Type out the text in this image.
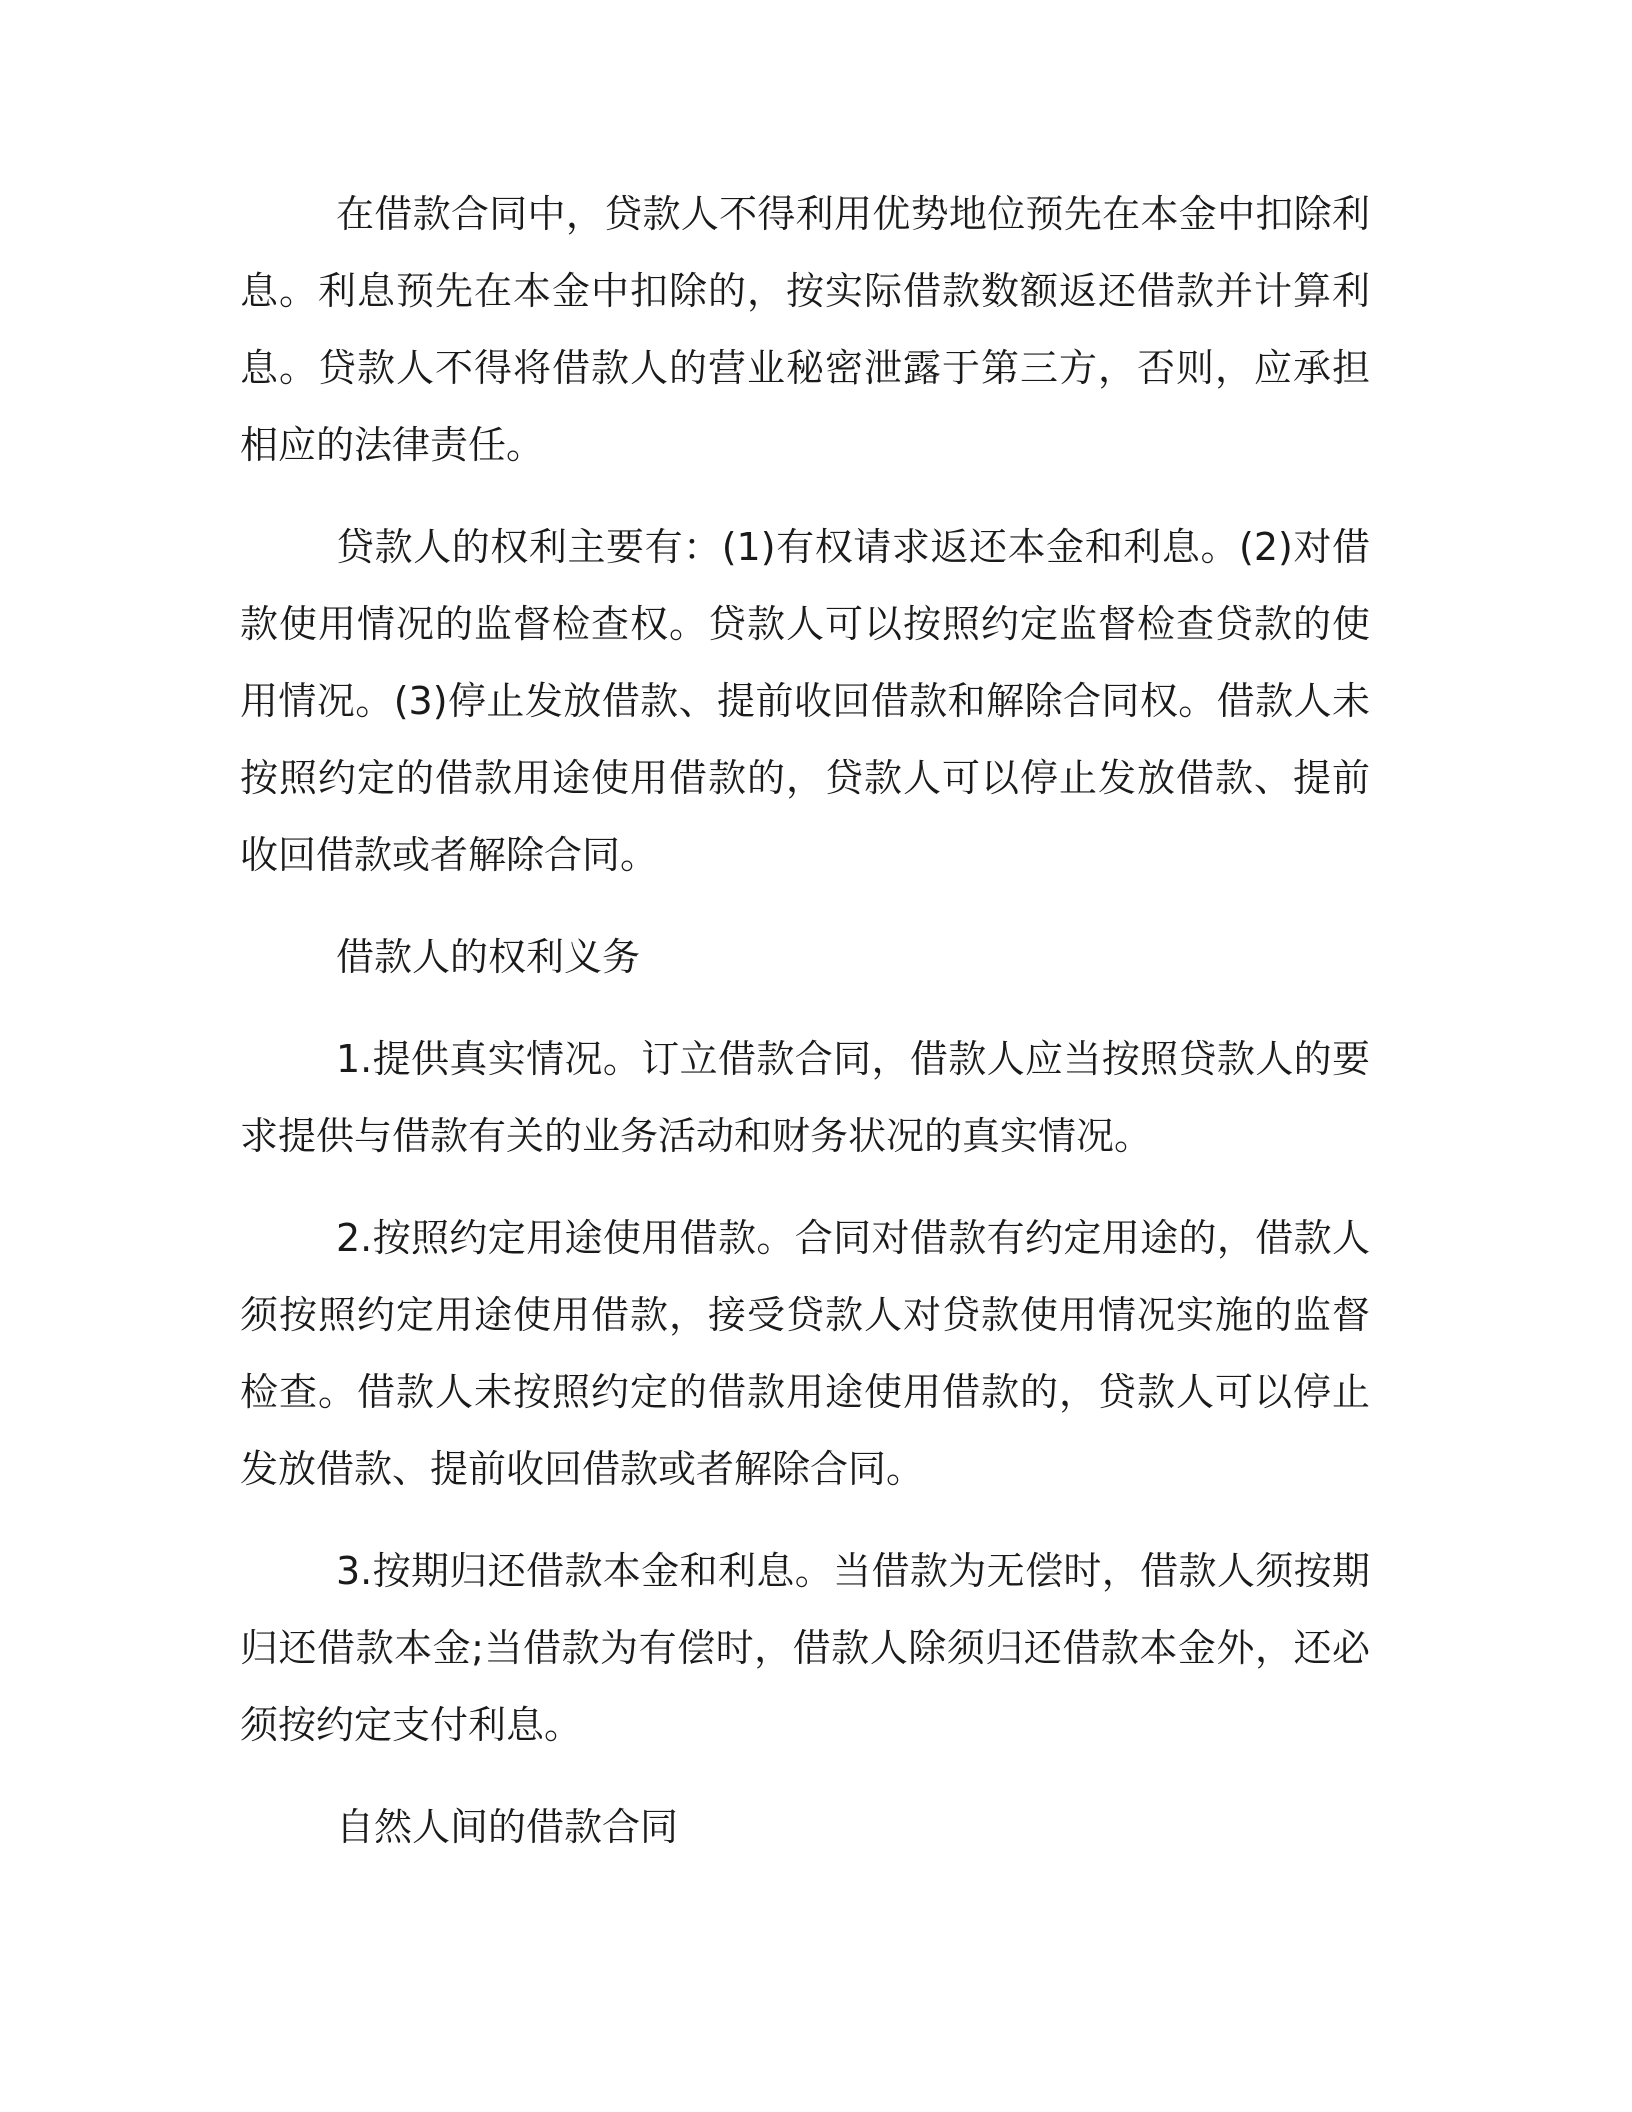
在借款合同中，贷款人不得利用优势地位预先在本金中扣除利息。利息预先在本金中扣除的，按实际借款数额返还借款并计算利息。贷款人不得将借款人的营业秘密泄露于第三方，否则，应承担相应的法律责任。

贷款人的权利主要有：(1)有权请求返还本金和利息。(2)对借款使用情况的监督检查权。贷款人可以按照约定监督检查贷款的使用情况。(3)停止发放借款、提前收回借款和解除合同权。借款人未按照约定的借款用途使用借款的，贷款人可以停止发放借款、提前收回借款或者解除合同。

借款人的权利义务

1.提供真实情况。订立借款合同，借款人应当按照贷款人的要求提供与借款有关的业务活动和财务状况的真实情况。

2.按照约定用途使用借款。合同对借款有约定用途的，借款人须按照约定用途使用借款，接受贷款人对贷款使用情况实施的监督检查。借款人未按照约定的借款用途使用借款的，贷款人可以停止发放借款、提前收回借款或者解除合同。

3.按期归还借款本金和利息。当借款为无偿时，借款人须按期归还借款本金;当借款为有偿时，借款人除须归还借款本金外，还必须按约定支付利息。

自然人间的借款合同
